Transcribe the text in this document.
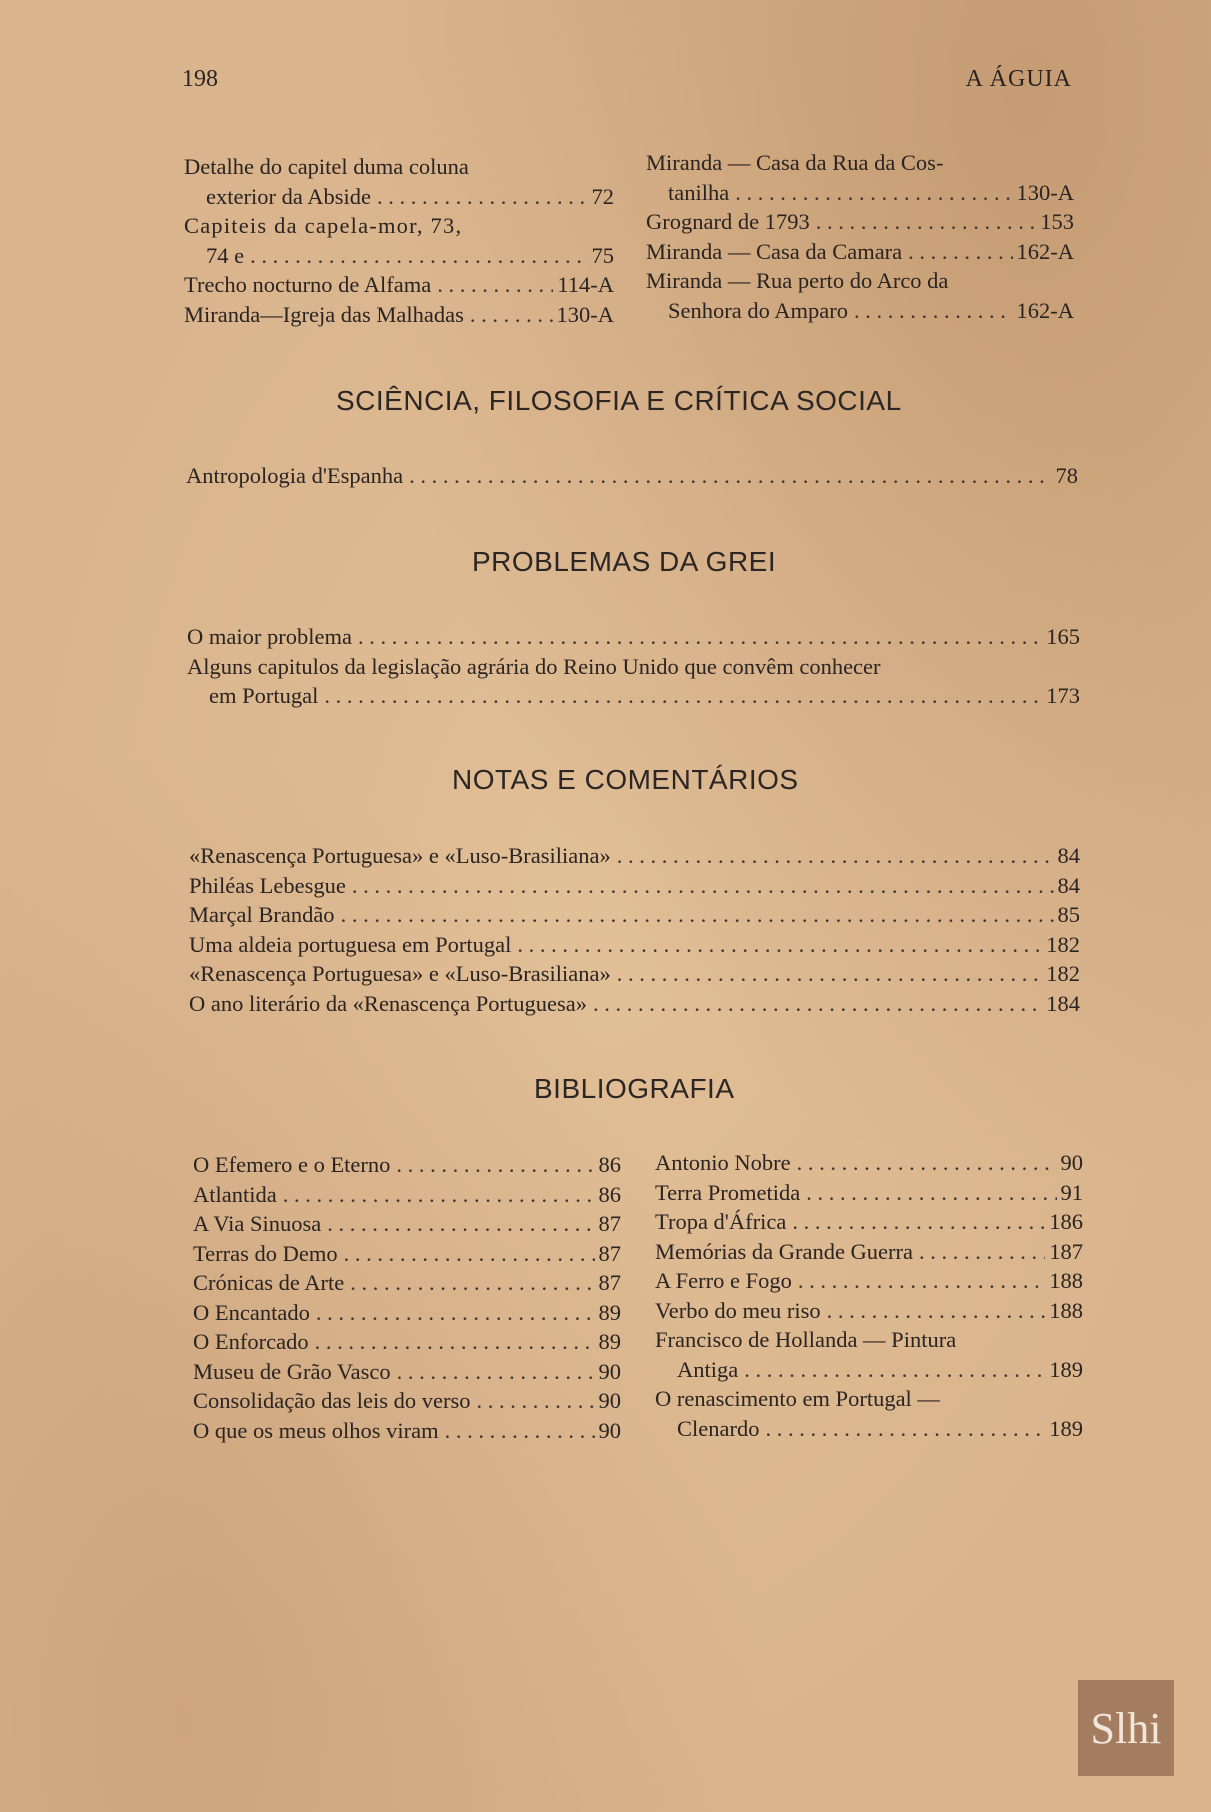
198	A ÁGUIA
Detalhe do capitel duma coluna
exterior da Abside . . .	72
Capiteis da capela-mor, 73,
74 e . . .	75
Trecho nocturno de Alfama . . .	114-A
Miranda—Igreja das Malhadas . . .	130-A
Miranda — Casa da Rua da Cos-
tanilha . . .	130-A
Grognard de 1793 . . .	153
Miranda — Casa da Camara . . .	162-A
Miranda — Rua perto do Arco da
Senhora do Amparo . . .	162-A
SCIÊNCIA, FILOSOFIA E CRÍTICA SOCIAL
Antropologia d'Espanha . . .	78
PROBLEMAS DA GREI
O maior problema . . .	165
Alguns capitulos da legislação agrária do Reino Unido que convêm conhecer
em Portugal . . .	173
NOTAS E COMENTÁRIOS
«Renascença Portuguesa» e «Luso-Brasiliana» . . .	84
Philéas Lebesgue . . .	84
Marçal Brandão . . .	85
Uma aldeia portuguesa em Portugal . . .	182
«Renascença Portuguesa» e «Luso-Brasiliana» . . .	182
O ano literário da «Renascença Portuguesa» . . .	184
BIBLIOGRAFIA
O Efemero e o Eterno . . .	86
Atlantida . . .	86
A Via Sinuosa . . .	87
Terras do Demo . . .	87
Crónicas de Arte . . .	87
O Encantado . . .	89
O Enforcado . . .	89
Museu de Grão Vasco . . .	90
Consolidação das leis do verso . . .	90
O que os meus olhos viram . . .	90
Antonio Nobre . . .	90
Terra Prometida . . .	91
Tropa d'África . . .	186
Memórias da Grande Guerra . . .	187
A Ferro e Fogo . . .	188
Verbo do meu riso . . .	188
Francisco de Hollanda — Pintura
Antiga . . .	189
O renascimento em Portugal —
Clenardo . . .	189
Slhi
